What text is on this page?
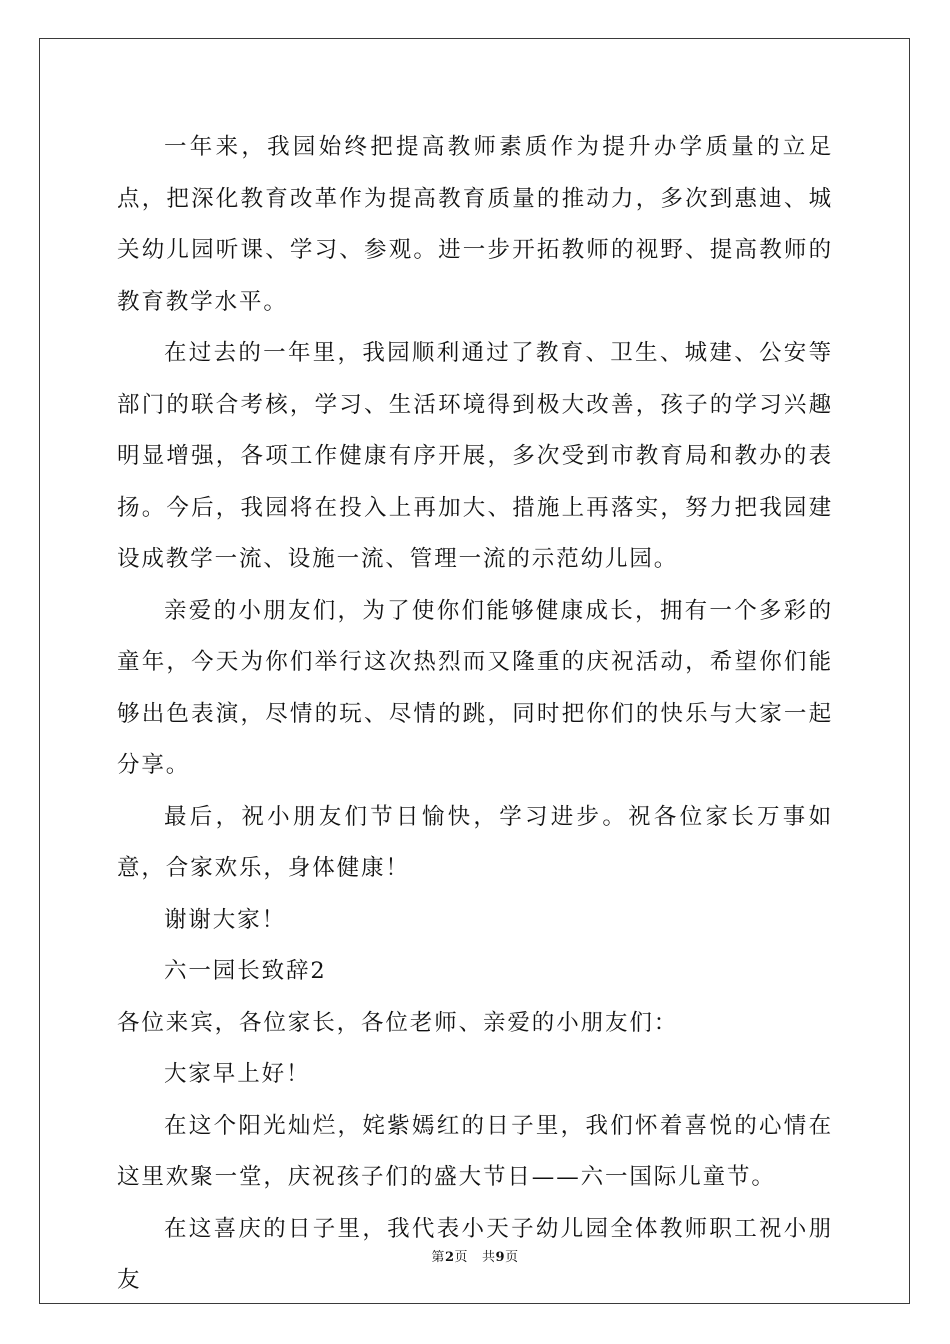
一年来，我园始终把提高教师素质作为提升办学质量的立足点，把深化教育改革作为提高教育质量的推动力，多次到惠迪、城关幼儿园听课、学习、参观。进一步开拓教师的视野、提高教师的教育教学水平。

在过去的一年里，我园顺利通过了教育、卫生、城建、公安等部门的联合考核，学习、生活环境得到极大改善，孩子的学习兴趣明显增强，各项工作健康有序开展，多次受到市教育局和教办的表扬。今后，我园将在投入上再加大、措施上再落实，努力把我园建设成教学一流、设施一流、管理一流的示范幼儿园。

亲爱的小朋友们，为了使你们能够健康成长，拥有一个多彩的童年，今天为你们举行这次热烈而又隆重的庆祝活动，希望你们能够出色表演，尽情的玩、尽情的跳，同时把你们的快乐与大家一起分享。

最后，祝小朋友们节日愉快，学习进步。祝各位家长万事如意，合家欢乐，身体健康！

谢谢大家！

六一园长致辞2

各位来宾，各位家长，各位老师、亲爱的小朋友们：

大家早上好！

在这个阳光灿烂，姹紫嫣红的日子里，我们怀着喜悦的心情在这里欢聚一堂，庆祝孩子们的盛大节日——六一国际儿童节。

在这喜庆的日子里，我代表小天子幼儿园全体教师职工祝小朋友

第2页 共9页
